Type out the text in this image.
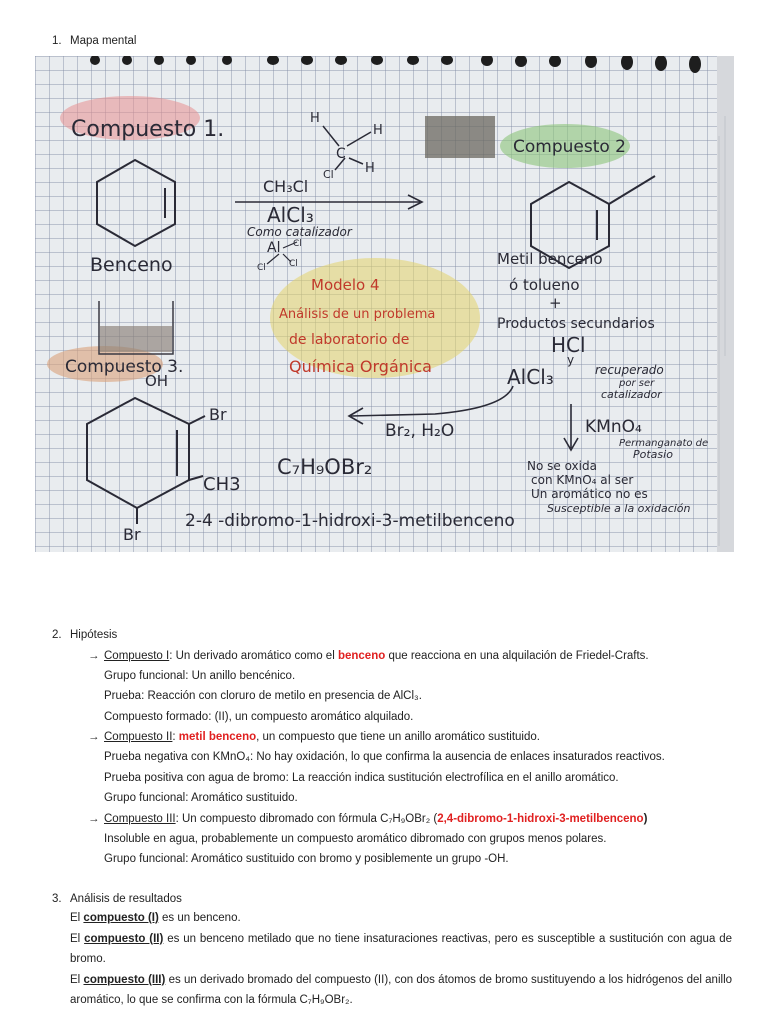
1. Mapa mental
Compuesto 1.
Benceno
H
H
H
C
Cl
CH₃Cl
AlCl₃
Como catalizador
Al Cl
Cl	Cl
Modelo 4
Análisis de un problema
de laboratorio de
Química Orgánica
Compuesto 2
Metil benceno
ó tolueno
+
Productos secundarios
HCl
y
AlCl₃	recuperado
por ser
catalizador
Br₂, H₂O	KMnO₄
Permanganato de
Potasio
No se oxida
con KMnO₄ al ser
Un aromático no es
Susceptible a la oxidación
Compuesto 3.
OH
Br
CH3
Br
C₇H₉OBr₂
2-4 -dibromo-1-hidroxi-3-metilbenceno
2. Hipótesis
→ Compuesto I: Un derivado aromático como el benceno que reacciona en una alquilación de Friedel-Crafts.
Grupo funcional: Un anillo bencénico.
Prueba: Reacción con cloruro de metilo en presencia de AlCl₃.
Compuesto formado: (II), un compuesto aromático alquilado.
→ Compuesto II: metil benceno, un compuesto que tiene un anillo aromático sustituido.
Prueba negativa con KMnO₄: No hay oxidación, lo que confirma la ausencia de enlaces insaturados reactivos.
Prueba positiva con agua de bromo: La reacción indica sustitución electrofílica en el anillo aromático.
Grupo funcional: Aromático sustituido.
→ Compuesto III: Un compuesto dibromado con fórmula C₇H₉OBr₂ (2,4-dibromo-1-hidroxi-3-metilbenceno)
Insoluble en agua, probablemente un compuesto aromático dibromado con grupos menos polares.
Grupo funcional: Aromático sustituido con bromo y posiblemente un grupo -OH.
3. Análisis de resultados

El compuesto (I) es un benceno.

El compuesto (II) es un benceno metilado que no tiene insaturaciones reactivas, pero es susceptible a sustitución con agua de bromo.

El compuesto (III) es un derivado bromado del compuesto (II), con dos átomos de bromo sustituyendo a los hidrógenos del anillo aromático, lo que se confirma con la fórmula C₇H₉OBr₂.
